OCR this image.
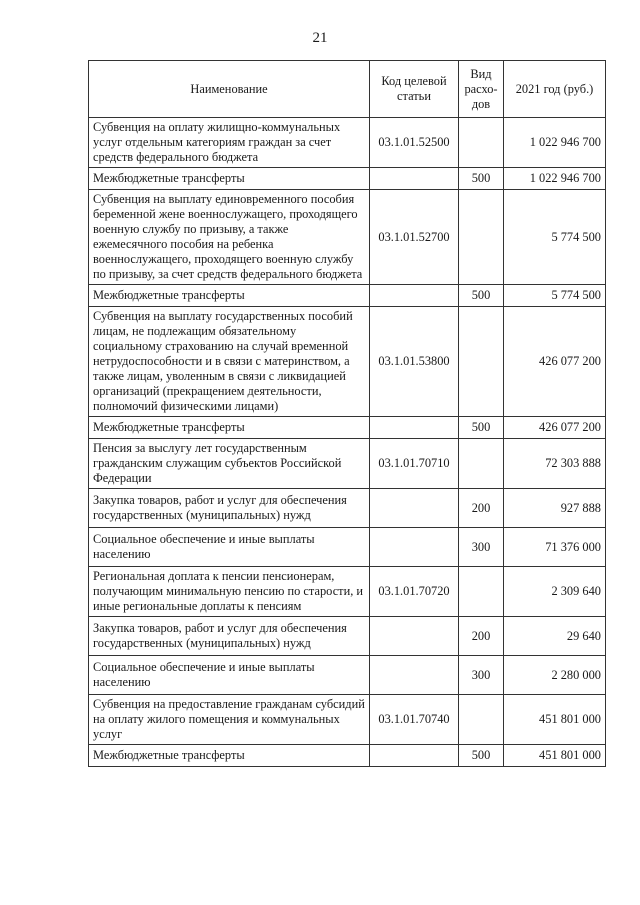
21
Наименование	Код целевой статьи	Вид расхо-дов	2021 год (руб.)
Субвенция на оплату жилищно-коммунальных услуг отдельным категориям граждан за счет средств федерального бюджета	03.1.01.52500		1 022 946 700
Межбюджетные трансферты		500	1 022 946 700
Субвенция на выплату единовременного пособия беременной жене военнослужащего, проходящего военную службу по призыву, а также ежемесячного пособия на ребенка военнослужащего, проходящего военную службу по призыву, за счет средств федерального бюджета	03.1.01.52700		5 774 500
Межбюджетные трансферты		500	5 774 500
Субвенция на выплату государственных пособий лицам, не подлежащим обязательному социальному страхованию на случай временной нетрудоспособности и в связи с материнством, а также лицам, уволенным в связи с ликвидацией организаций (прекращением деятельности, полномочий физическими лицами)	03.1.01.53800		426 077 200
Межбюджетные трансферты		500	426 077 200
Пенсия за выслугу лет государственным гражданским служащим субъектов Российской Федерации	03.1.01.70710		72 303 888
Закупка товаров, работ и услуг для обеспечения государственных (муниципальных) нужд		200	927 888
Социальное обеспечение и иные выплаты населению		300	71 376 000
Региональная доплата к пенсии пенсионерам, получающим минимальную пенсию по старости, и иные региональные доплаты к пенсиям	03.1.01.70720		2 309 640
Закупка товаров, работ и услуг для обеспечения государственных (муниципальных) нужд		200	29 640
Социальное обеспечение и иные выплаты населению		300	2 280 000
Субвенция на предоставление гражданам субсидий на оплату жилого помещения и коммунальных услуг	03.1.01.70740		451 801 000
Межбюджетные трансферты		500	451 801 000
